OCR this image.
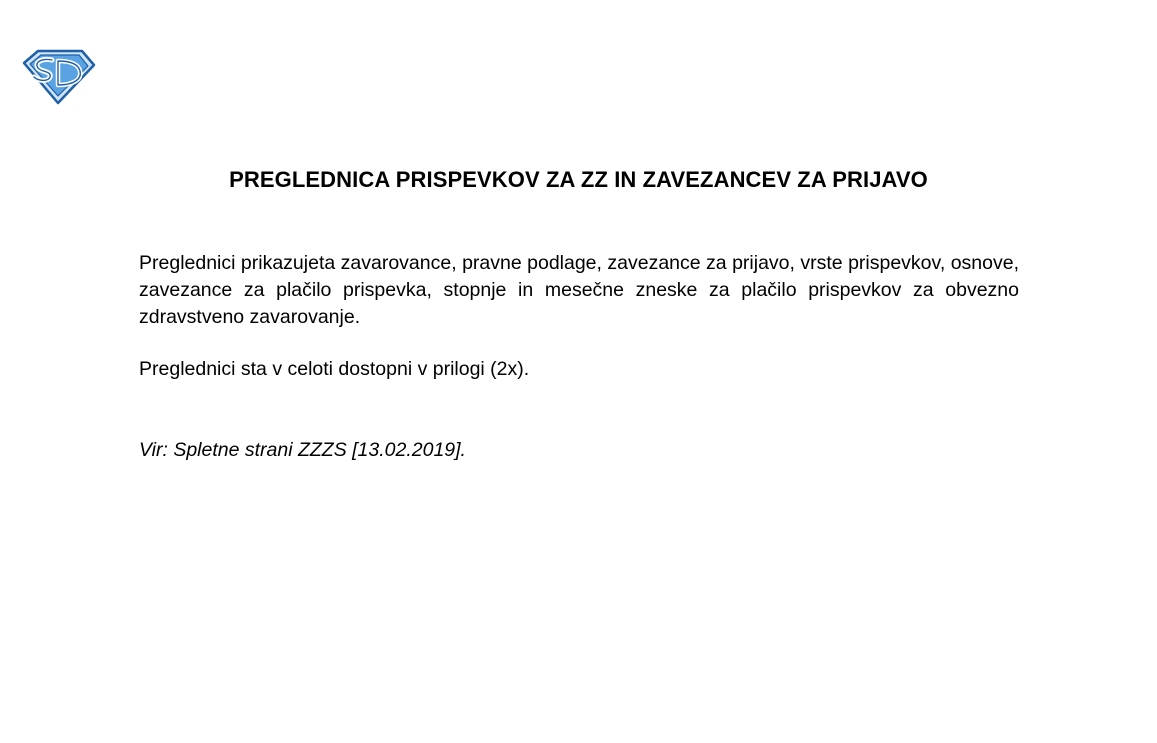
PREGLEDNICA PRISPEVKOV ZA ZZ IN ZAVEZANCEV ZA PRIJAVO

Preglednici prikazujeta zavarovance, pravne podlage, zavezance za prijavo, vrste prispevkov, osnove, zavezance za plačilo prispevka, stopnje in mesečne zneske za plačilo prispevkov za obvezno zdravstveno zavarovanje.

Preglednici sta v celoti dostopni v prilogi (2x).

Vir: Spletne strani ZZZS [13.02.2019].
